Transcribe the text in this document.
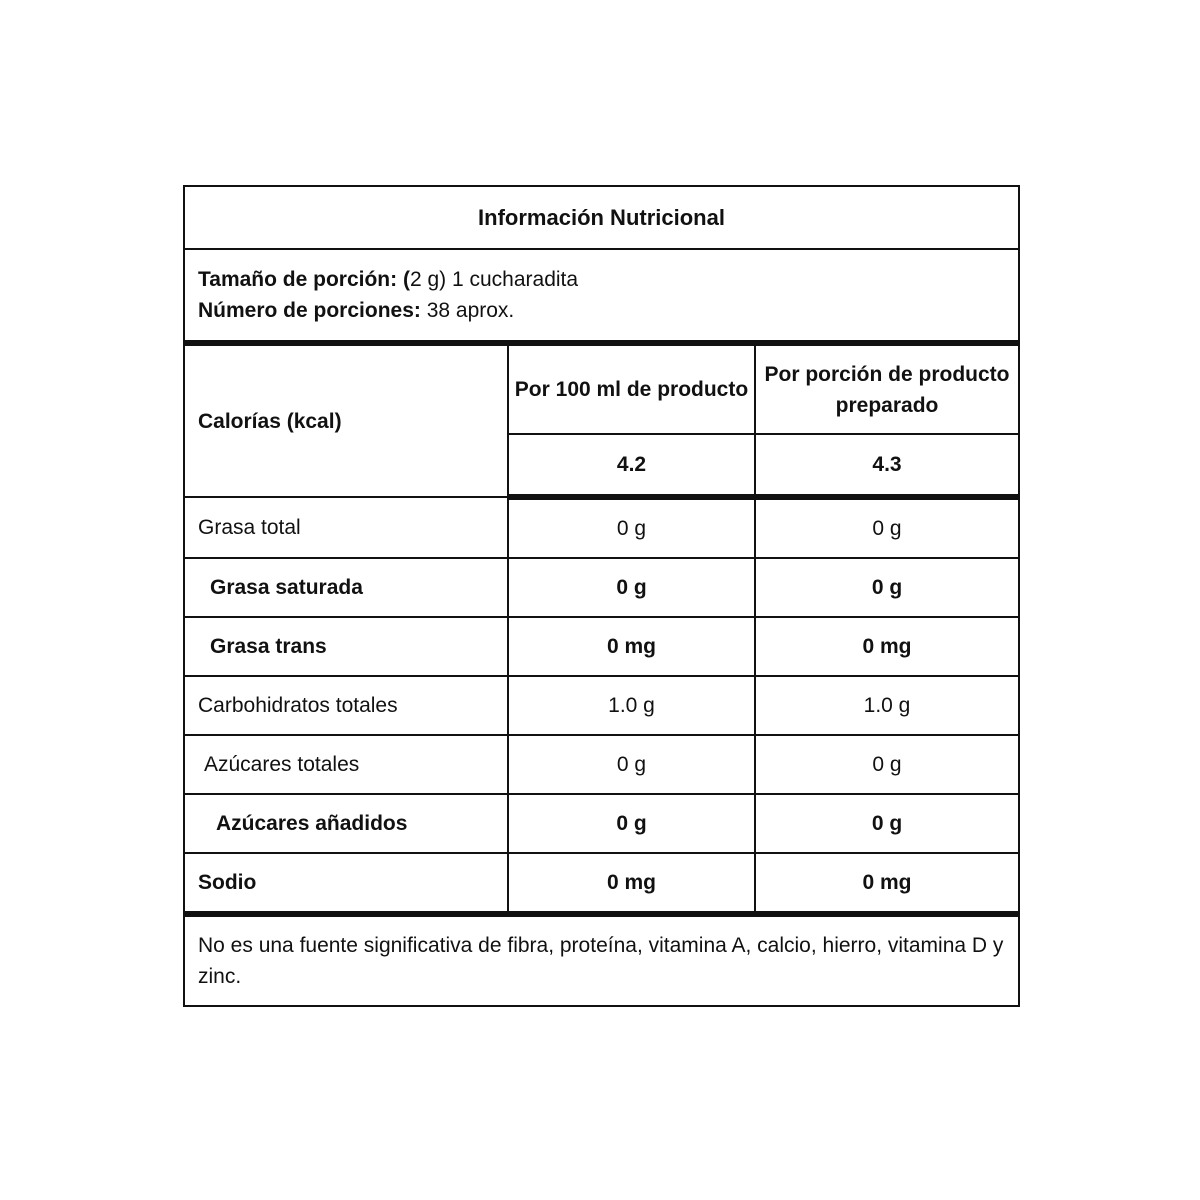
Información Nutricional		

Tamaño de porción: (2 g) 1 cucharadita
Número de porciones: 38 aprox.		

Calorías (kcal)	Por 100 ml de producto	Por porción de producto preparado
	4.2	4.3
Grasa total	0 g	0 g
Grasa saturada	0 g	0 g
Grasa trans	0 mg	0 mg
Carbohidratos totales	1.0 g	1.0 g
Azúcares totales	0 g	0 g
Azúcares añadidos	0 g	0 g
Sodio	0 mg	0 mg
No es una fuente significativa de fibra, proteína, vitamina A, calcio, hierro, vitamina D y zinc.		
